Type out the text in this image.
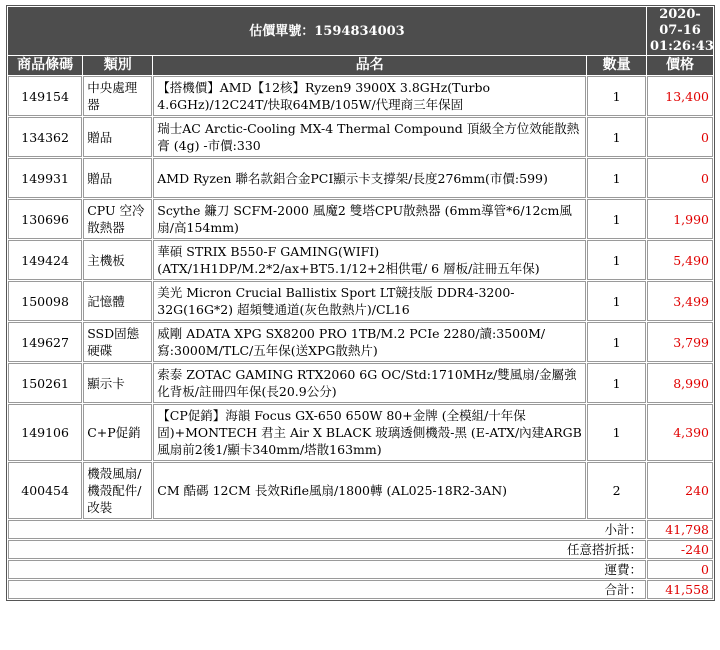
估價單號：1594834003				2020-07-16
01:26:43

商品條碼	類別	品名	數量	價格
149154	中央處理器	【搭機價】AMD【12核】Ryzen9 3900X 3.8GHz(Turbo 4.6GHz)/12C24T/快取64MB/105W/代理商三年保固	1	13,400
134362	贈品	瑞士AC Arctic-Cooling MX-4 Thermal Compound 頂級全方位效能散熱膏 (4g) -市價:330	1	0
149931	贈品	AMD Ryzen 聯名款鋁合金PCI顯示卡支撐架/長度276mm(市價:599)	1	0
130696	CPU 空冷散熱器	Scythe 鐮刀 SCFM-2000 風魔2 雙塔CPU散熱器 (6mm導管*6/12cm風扇/高154mm)	1	1,990
149424	主機板	華碩 STRIX B550-F GAMING(WIFI) (ATX/1H1DP/M.2*2/ax+BT5.1/12+2相供電/ 6 層板/註冊五年保)	1	5,490
150098	記憶體	美光 Micron Crucial Ballistix Sport LT競技版 DDR4-3200-32G(16G*2) 超頻雙通道(灰色散熱片)/CL16	1	3,499
149627	SSD固態硬碟	威剛 ADATA XPG SX8200 PRO 1TB/M.2 PCIe 2280/讀:3500M/寫:3000M/TLC/五年保(送XPG散熱片)	1	3,799
150261	顯示卡	索泰 ZOTAC GAMING RTX2060 6G OC/Std:1710MHz/雙風扇/金屬強化背板/註冊四年保(長20.9公分)	1	8,990
149106	C+P促銷	【CP促銷】海韻 Focus GX-650 650W 80+金牌 (全模組/十年保固)+MONTECH 君主 Air X BLACK 玻璃透側機殼-黑 (E-ATX/內建ARGB風扇前2後1/顯卡340mm/塔散163mm)	1	4,390
400454	機殼風扇/機殼配件/改裝	CM 酷碼 12CM 長效Rifle風扇/1800轉 (AL025-18R2-3AN)	2	240
小計：				41,798
任意搭折抵：				-240
運費：				0
合計：				41,558
